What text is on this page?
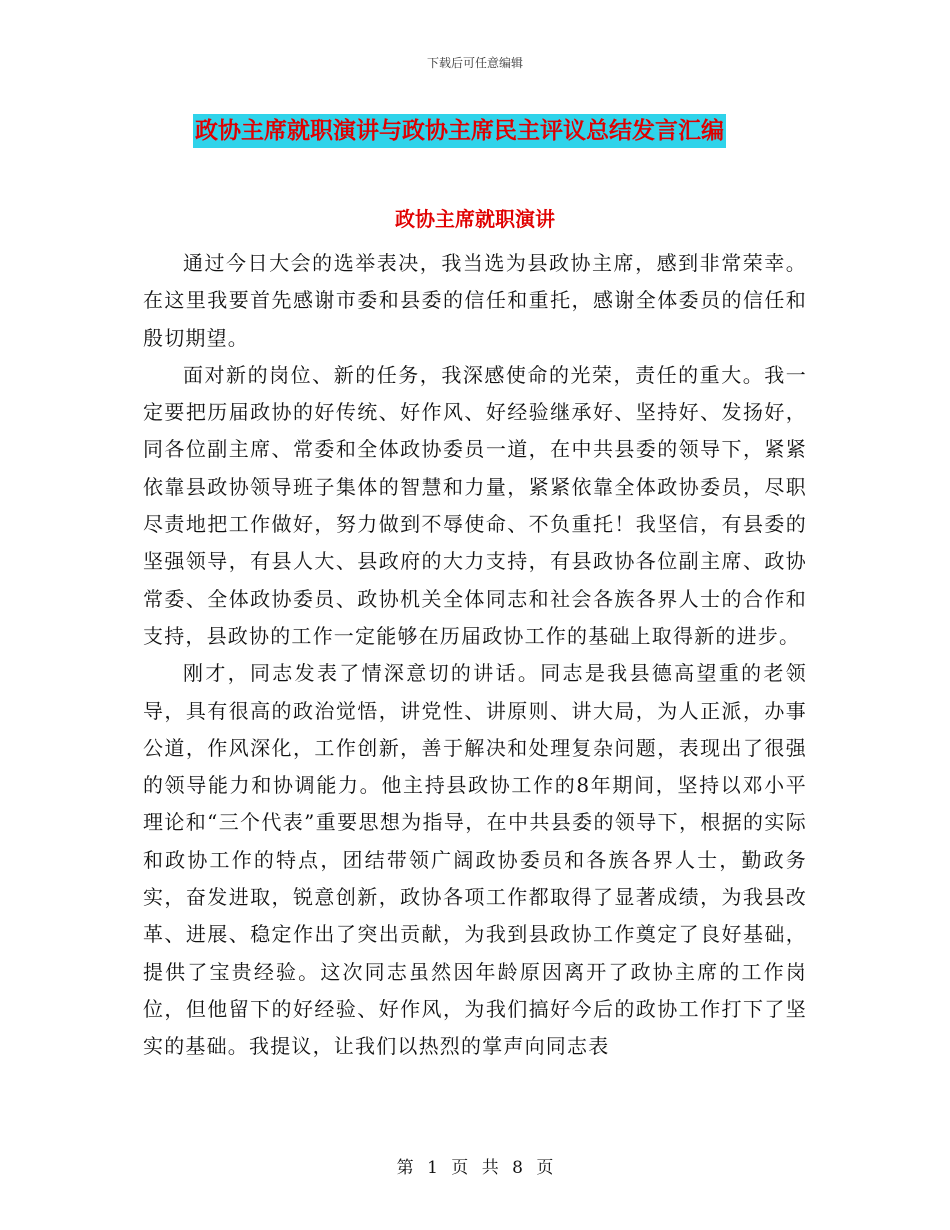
下载后可任意编辑
政协主席就职演讲与政协主席民主评议总结发言汇编
政协主席就职演讲

通过今日大会的选举表决，我当选为县政协主席，感到非常荣幸。在这里我要首先感谢市委和县委的信任和重托，感谢全体委员的信任和殷切期望。

面对新的岗位、新的任务，我深感使命的光荣，责任的重大。我一定要把历届政协的好传统、好作风、好经验继承好、坚持好、发扬好，同各位副主席、常委和全体政协委员一道，在中共县委的领导下，紧紧依靠县政协领导班子集体的智慧和力量，紧紧依靠全体政协委员，尽职尽责地把工作做好，努力做到不辱使命、不负重托！我坚信，有县委的坚强领导，有县人大、县政府的大力支持，有县政协各位副主席、政协常委、全体政协委员、政协机关全体同志和社会各族各界人士的合作和支持，县政协的工作一定能够在历届政协工作的基础上取得新的进步。

刚才，同志发表了情深意切的讲话。同志是我县德高望重的老领导，具有很高的政治觉悟，讲党性、讲原则、讲大局，为人正派，办事公道，作风深化，工作创新，善于解决和处理复杂问题，表现出了很强的领导能力和协调能力。他主持县政协工作的8年期间，坚持以邓小平理论和“三个代表”重要思想为指导，在中共县委的领导下，根据的实际和政协工作的特点，团结带领广阔政协委员和各族各界人士，勤政务实，奋发进取，锐意创新，政协各项工作都取得了显著成绩，为我县改革、进展、稳定作出了突出贡献，为我到县政协工作奠定了良好基础，提供了宝贵经验。这次同志虽然因年龄原因离开了政协主席的工作岗位，但他留下的好经验、好作风，为我们搞好今后的政协工作打下了坚实的基础。我提议，让我们以热烈的掌声向同志表

第 1 页 共 8 页
